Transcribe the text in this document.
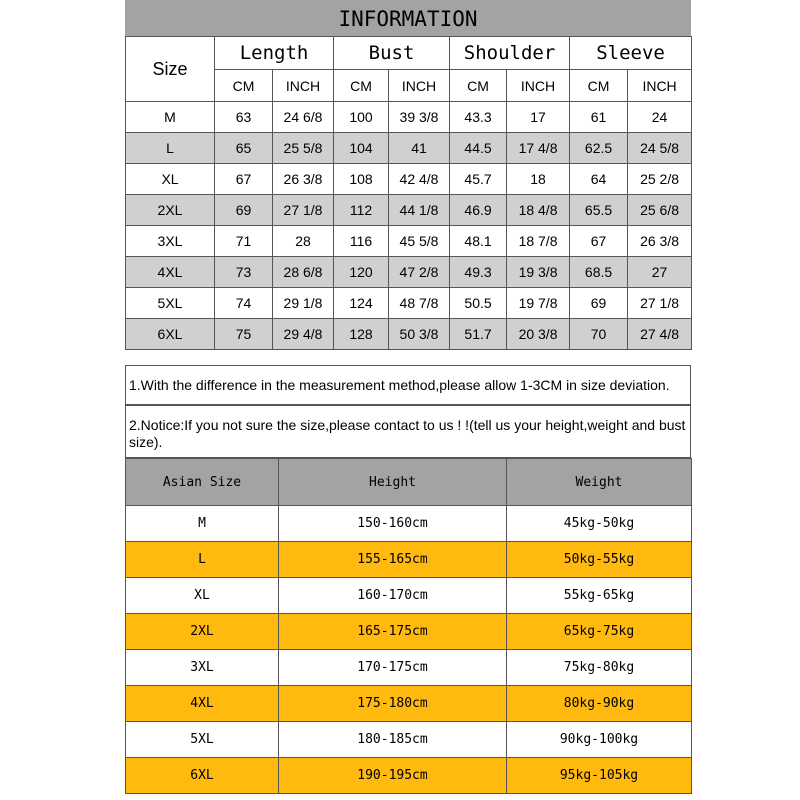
INFORMATION
Size	Length		Bust		Shoulder		Sleeve	
	CM	INCH	CM	INCH	CM	INCH	CM	INCH
M	63	24 6/8	100	39 3/8	43.3	17	61	24
L	65	25 5/8	104	41	44.5	17 4/8	62.5	24 5/8
XL	67	26 3/8	108	42 4/8	45.7	18	64	25 2/8
2XL	69	27 1/8	112	44 1/8	46.9	18 4/8	65.5	25 6/8
3XL	71	28	116	45 5/8	48.1	18 7/8	67	26 3/8
4XL	73	28 6/8	120	47 2/8	49.3	19 3/8	68.5	27
5XL	74	29 1/8	124	48 7/8	50.5	19 7/8	69	27 1/8
6XL	75	29 4/8	128	50 3/8	51.7	20 3/8	70	27 4/8
1.With the difference in the measurement method,please allow 1-3CM in size deviation.
2.Notice:If you not sure the size,please contact to us ! !(tell us your height,weight and bust size).
Asian Size	Height	Weight
M	150-160cm	45kg-50kg
L	155-165cm	50kg-55kg
XL	160-170cm	55kg-65kg
2XL	165-175cm	65kg-75kg
3XL	170-175cm	75kg-80kg
4XL	175-180cm	80kg-90kg
5XL	180-185cm	90kg-100kg
6XL	190-195cm	95kg-105kg
